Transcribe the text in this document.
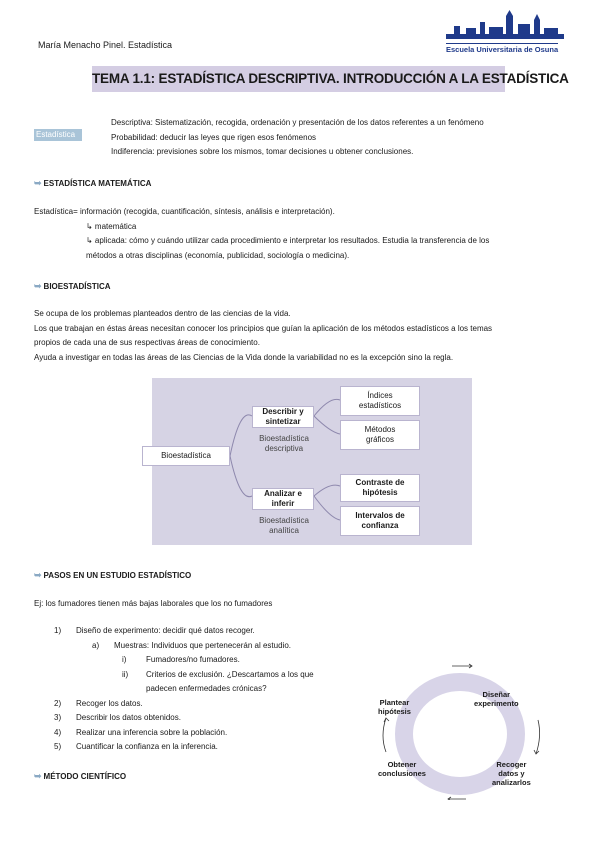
María Menacho Pinel. Estadística	Escuela Universitaria de Osuna
TEMA 1.1: ESTADÍSTICA DESCRIPTIVA. INTRODUCCIÓN A LA ESTADÍSTICA
Estadística
Descriptiva: Sistematización, recogida, ordenación y presentación de los datos referentes a un fenómeno
Probabilidad: deducir las leyes que rigen esos fenómenos
Indiferencia: previsiones sobre los mismos, tomar decisiones u obtener conclusiones.
➥ ESTADÍSTICA MATEMÁTICA
Estadística= información (recogida, cuantificación, síntesis, análisis e interpretación).
↳ matemática
↳ aplicada: cómo y cuándo utilizar cada procedimiento e interpretar los resultados. Estudia la transferencia de los
métodos a otras disciplinas (economía, publicidad, sociología o medicina).
➥ BIOESTADÍSTICA
Se ocupa de los problemas planteados dentro de las ciencias de la vida.
Los que trabajan en éstas áreas necesitan conocer los principios que guían la aplicación de los métodos estadísticos a los temas
propios de cada una de sus respectivas áreas de conocimiento.
Ayuda a investigar en todas las áreas de las Ciencias de la Vida donde la variabilidad no es la excepción sino la regla.
Bioestadística
Describir y
sintetizar
Bioestadística
descriptiva
Analizar e
inferir
Bioestadística
analítica
Índices
estadísticos
Métodos
gráficos
Contraste de
hipótesis
Intervalos de
confianza
➥ PASOS EN UN ESTUDIO ESTADÍSTICO
Ej: los fumadores tienen más bajas laborales que los no fumadores
1) Diseño de experimento: decidir qué datos recoger.
a) Muestras: Individuos que pertenecerán al estudio.
i) Fumadores/no fumadores.
ii) Criterios de exclusión. ¿Descartamos a los que
padecen enfermedades crónicas?
2) Recoger los datos.
3) Describir los datos obtenidos.
4) Realizar una inferencia sobre la población.
5) Cuantificar la confianza en la inferencia.
Plantear
hipótesis
Diseñar
experimento
Recoger
datos y
analizarlos
Obtener
conclusiones
➥ MÉTODO CIENTÍFICO
